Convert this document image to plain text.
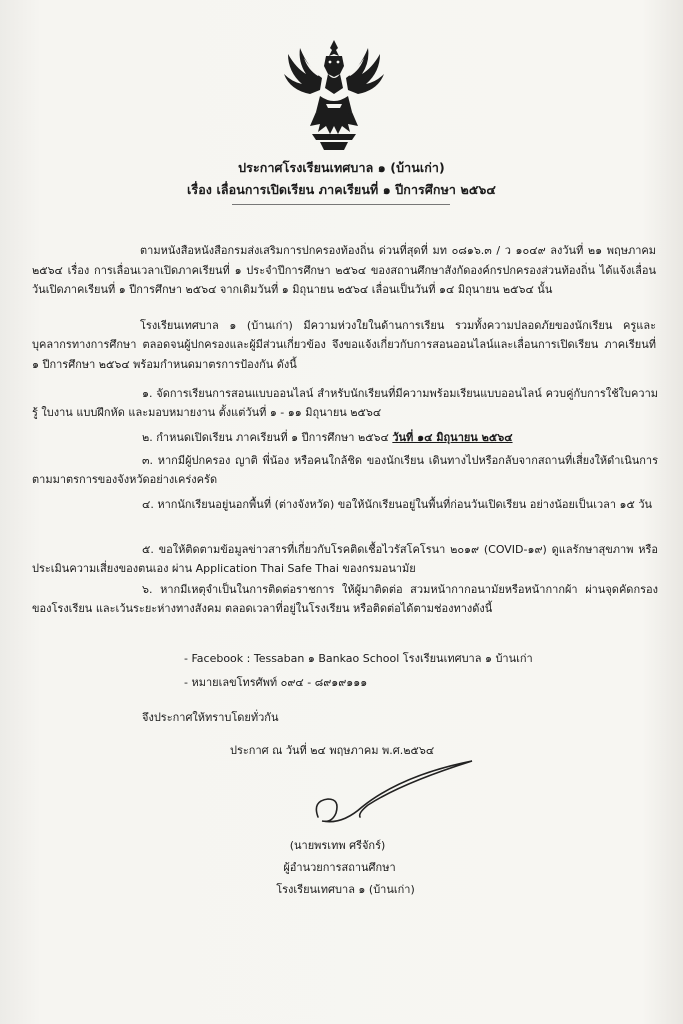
ประกาศโรงเรียนเทศบาล ๑ (บ้านเก่า)
เรื่อง เลื่อนการเปิดเรียน ภาคเรียนที่ ๑ ปีการศึกษา ๒๕๖๔
ตามหนังสือหนังสือกรมส่งเสริมการปกครองท้องถิ่น ด่วนที่สุดที่ มท ๐๘๑๖.๓ / ว ๑๐๔๙ ลงวันที่ ๒๑ พฤษภาคม ๒๕๖๔ เรื่อง การเลื่อนเวลาเปิดภาคเรียนที่ ๑ ประจำปีการศึกษา ๒๕๖๔ ของสถานศึกษาสังกัดองค์กรปกครองส่วนท้องถิ่น ได้แจ้งเลื่อนวันเปิดภาคเรียนที่ ๑ ปีการศึกษา ๒๕๖๔ จากเดิมวันที่ ๑ มิถุนายน ๒๕๖๔ เลื่อนเป็นวันที่ ๑๔ มิถุนายน ๒๕๖๔ นั้น
โรงเรียนเทศบาล ๑ (บ้านเก่า) มีความห่วงใยในด้านการเรียน รวมทั้งความปลอดภัยของนักเรียน ครูและบุคลากรทางการศึกษา ตลอดจนผู้ปกครองและผู้มีส่วนเกี่ยวข้อง จึงขอแจ้งเกี่ยวกับการสอนออนไลน์และเลื่อนการเปิดเรียน ภาคเรียนที่ ๑ ปีการศึกษา ๒๕๖๔ พร้อมกำหนดมาตรการป้องกัน ดังนี้
๑. จัดการเรียนการสอนแบบออนไลน์ สำหรับนักเรียนที่มีความพร้อมเรียนแบบออนไลน์ ควบคู่กับการใช้ใบความรู้ ใบงาน แบบฝึกหัด และมอบหมายงาน ตั้งแต่วันที่ ๑ - ๑๑ มิถุนายน ๒๕๖๔
๒. กำหนดเปิดเรียน ภาคเรียนที่ ๑ ปีการศึกษา ๒๕๖๔ วันที่ ๑๔ มิถุนายน ๒๕๖๔
๓. หากมีผู้ปกครอง ญาติ พี่น้อง หรือคนใกล้ชิด ของนักเรียน เดินทางไปหรือกลับจากสถานที่เสี่ยงให้ดำเนินการตามมาตรการของจังหวัดอย่างเคร่งครัด
๔. หากนักเรียนอยู่นอกพื้นที่ (ต่างจังหวัด) ขอให้นักเรียนอยู่ในพื้นที่ก่อนวันเปิดเรียน อย่างน้อยเป็นเวลา ๑๕ วัน
๕. ขอให้ติดตามข้อมูลข่าวสารที่เกี่ยวกับโรคติดเชื้อไวรัสโคโรนา ๒๐๑๙ (COVID-๑๙) ดูแลรักษาสุขภาพ หรือประเมินความเสี่ยงของตนเอง ผ่าน Application Thai Safe Thai ของกรมอนามัย
๖. หากมีเหตุจำเป็นในการติดต่อราชการ ให้ผู้มาติดต่อ สวมหน้ากากอนามัยหรือหน้ากากผ้า ผ่านจุดคัดกรองของโรงเรียน และเว้นระยะห่างทางสังคม ตลอดเวลาที่อยู่ในโรงเรียน หรือติดต่อได้ตามช่องทางดังนี้
- Facebook : Tessaban ๑ Bankao School โรงเรียนเทศบาล ๑ บ้านเก่า
- หมายเลขโทรศัพท์ ๐๙๔ - ๘๙๑๙๑๑๑
จึงประกาศให้ทราบโดยทั่วกัน
ประกาศ ณ วันที่ ๒๔ พฤษภาคม พ.ศ.๒๕๖๔
(นายพรเทพ ศรีจักร์)
ผู้อำนวยการสถานศึกษา
โรงเรียนเทศบาล ๑ (บ้านเก่า)
